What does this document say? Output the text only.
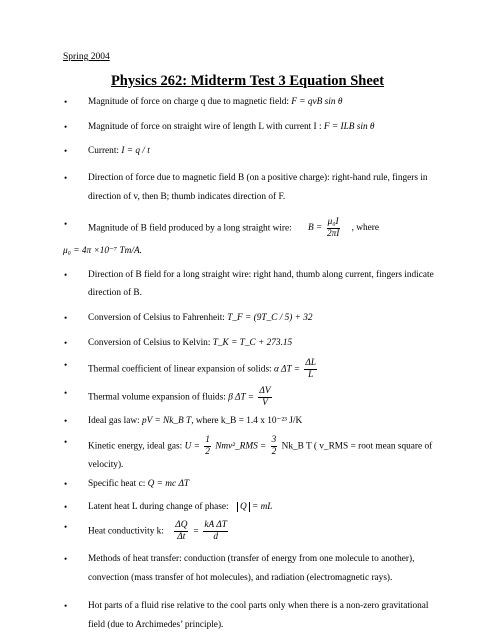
Spring 2004
Physics 262: Midterm Test 3 Equation Sheet
• Magnitude of force on charge q due to magnetic field: F = qvB sin θ
• Magnitude of force on straight wire of length L with current I : F = ILB sin θ
• Current: I = q / t
• Direction of force due to magnetic field B (on a positive charge): right-hand rule, fingers in direction of v, then B; thumb indicates direction of F.
• Magnitude of B field produced by a long straight wire: $B = \frac{\text{μ₀I}}{2\pi I}$ , where
μ₀ = 4π ×10⁻⁷ Tm/A.
• Direction of B field for a long straight wire: right hand, thumb along current, fingers indicate direction of B.
• Conversion of Celsius to Fahrenheit: T_F = (9T_C / 5) + 32
• Conversion of Celsius to Kelvin: T_K = T_C + 273.15
• Thermal coefficient of linear expansion of solids: α $\Delta T = \frac{\Delta L}{L}$
• Thermal volume expansion of fluids: β $\Delta T = \frac{\Delta V}{V}$
• Ideal gas law: pV = Nk_B T, where k_B = 1.4 x 10⁻²³ J/K
• Kinetic energy, ideal gas: $U = \frac{1}{2}$ Nmv²_RMS = $\frac{3}{2}$ Nk_B T ( v_RMS = root mean square of velocity).
• Specific heat c: Q = mc ΔT
• Latent heat L during change of phase: Q = mL
• Heat conductivity k: $\frac{\Delta Q}{\Delta t} = \frac{\text{kA ΔT}}{d}$
• Methods of heat transfer: conduction (transfer of energy from one molecule to another), convection (mass transfer of hot molecules), and radiation (electromagnetic rays).
• Hot parts of a fluid rise relative to the cool parts only when there is a non-zero gravitational field (due to Archimedes’ principle).
